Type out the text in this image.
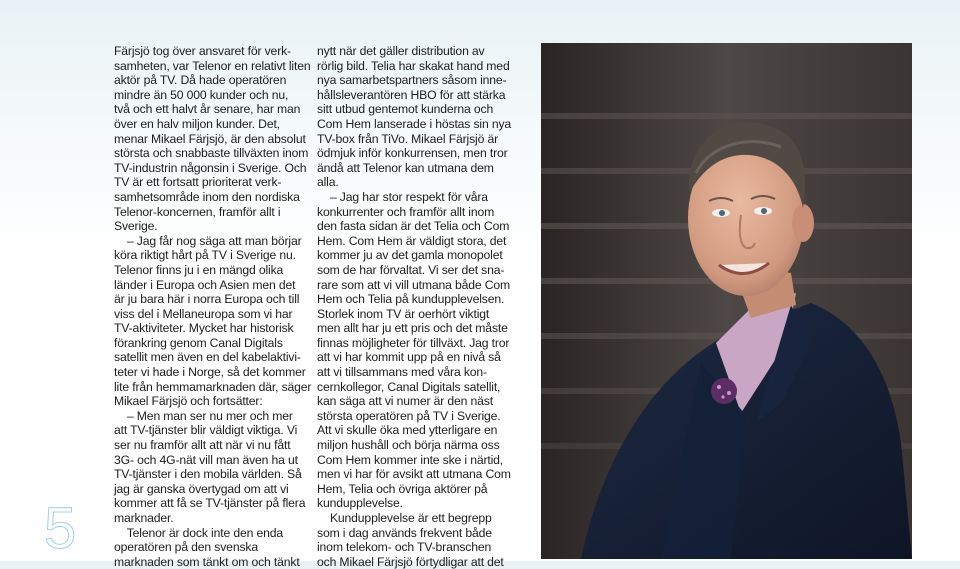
5
Färjsjö tog över ansvaret för verk-
samheten, var Telenor en relativt liten
aktör på TV. Då hade operatören
mindre än 50 000 kunder och nu,
två och ett halvt år senare, har man
över en halv miljon kunder. Det,
menar Mikael Färjsjö, är den absolut
största och snabbaste tillväxten inom
TV-industrin någonsin i Sverige. Och
TV är ett fortsatt prioriterat verk-
samhetsområde inom den nordiska
Telenor-koncernen, framför allt i
Sverige.
– Jag får nog säga att man börjar
köra riktigt hårt på TV i Sverige nu.
Telenor finns ju i en mängd olika
länder i Europa och Asien men det
är ju bara här i norra Europa och till
viss del i Mellaneuropa som vi har
TV-aktiviteter. Mycket har historisk
förankring genom Canal Digitals
satellit men även en del kabelaktivi-
teter vi hade i Norge, så det kommer
lite från hemmamarknaden där, säger
Mikael Färjsjö och fortsätter:
– Men man ser nu mer och mer
att TV-tjänster blir väldigt viktiga. Vi
ser nu framför allt att när vi nu fått
3G- och 4G-nät vill man även ha ut
TV-tjänster i den mobila världen. Så
jag är ganska övertygad om att vi
kommer att få se TV-tjänster på flera
marknader.
Telenor är dock inte den enda
operatören på den svenska
marknaden som tänkt om och tänkt
nytt när det gäller distribution av
rörlig bild. Telia har skakat hand med
nya samarbetspartners såsom inne-
hållsleverantören HBO för att stärka
sitt utbud gentemot kunderna och
Com Hem lanserade i höstas sin nya
TV-box från TiVo. Mikael Färjsjö är
ödmjuk inför konkurrensen, men tror
ändå att Telenor kan utmana dem
alla.
– Jag har stor respekt för våra
konkurrenter och framför allt inom
den fasta sidan är det Telia och Com
Hem. Com Hem är väldigt stora, det
kommer ju av det gamla monopolet
som de har förvaltat. Vi ser det sna-
rare som att vi vill utmana både Com
Hem och Telia på kundupplevelsen.
Storlek inom TV är oerhört viktigt
men allt har ju ett pris och det måste
finnas möjligheter för tillväxt. Jag tror
att vi har kommit upp på en nivå så
att vi tillsammans med våra kon-
cernkollegor, Canal Digitals satellit,
kan säga att vi numer är den näst
största operatören på TV i Sverige.
Att vi skulle öka med ytterligare en
miljon hushåll och börja närma oss
Com Hem kommer inte ske i närtid,
men vi har för avsikt att utmana Com
Hem, Telia och övriga aktörer på
kundupplevelse.
Kundupplevelse är ett begrepp
som i dag används frekvent både
inom telekom- och TV-branschen
och Mikael Färjsjö förtydligar att det
